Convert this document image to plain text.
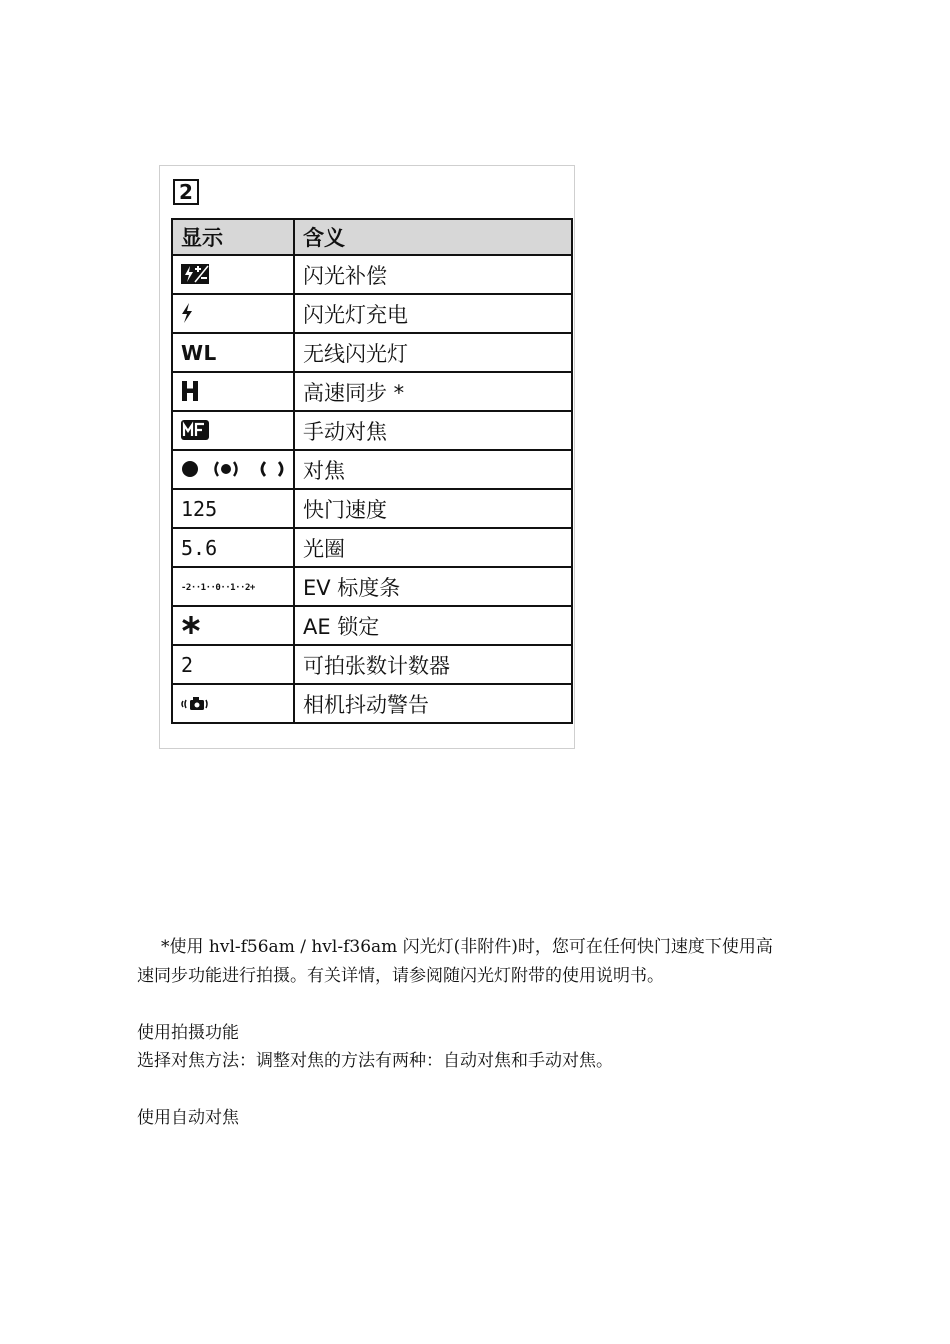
2
显示	含义

	闪光补偿

	闪光灯充电
WL	无线闪光灯

	高速同步 *

	手动对焦

	对焦
125	快门速度
5.6	光圈
-2··1··0··1··2+	EV 标度条

	AE 锁定
2	可拍张数计数器

	相机抖动警告
*使用 hvl-f56am / hvl-f36am 闪光灯(非附件)时，您可在任何快门速度下使用高
速同步功能进行拍摄。有关详情，请参阅随闪光灯附带的使用说明书。
使用拍摄功能
选择对焦方法：调整对焦的方法有两种：自动对焦和手动对焦。
使用自动对焦
